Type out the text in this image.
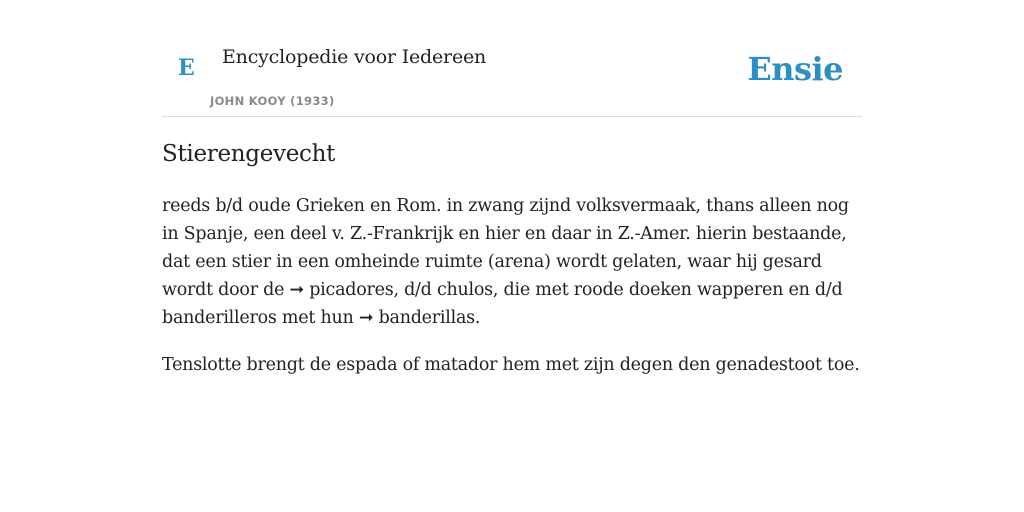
E Encyclopedie voor Iedereen
JOHN KOOY (1933)
Ensie
Stierengevecht

reeds b/d oude Grieken en Rom. in zwang zijnd volksvermaak, thans alleen nog in Spanje, een deel v. Z.-Frankrijk en hier en daar in Z.-Amer. hierin bestaande, dat een stier in een omheinde ruimte (arena) wordt gelaten, waar hij gesard wordt door de ➞ picadores, d/d chulos, die met roode doeken wapperen en d/d banderilleros met hun ➞ banderillas.

Tenslotte brengt de espada of matador hem met zijn degen den genadestoot toe.
